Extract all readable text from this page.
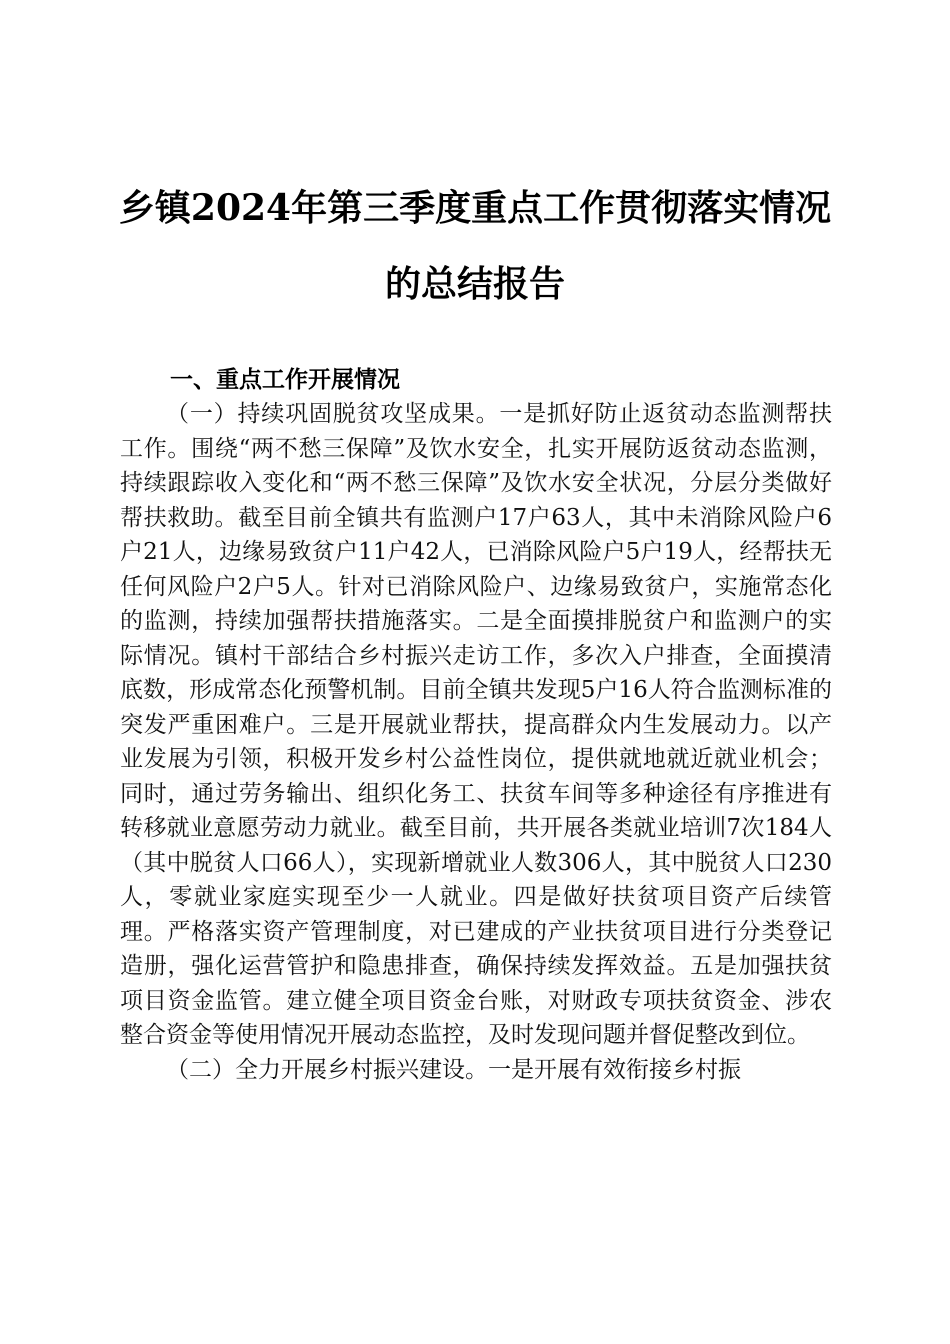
乡镇2024年第三季度重点工作贯彻落实情况
的总结报告
一、重点工作开展情况

（一）持续巩固脱贫攻坚成果。一是抓好防止返贫动态监测帮扶工作。围绕“两不愁三保障”及饮水安全，扎实开展防返贫动态监测，持续跟踪收入变化和“两不愁三保障”及饮水安全状况，分层分类做好帮扶救助。截至目前全镇共有监测户17户63人，其中未消除风险户6户21人，边缘易致贫户11户42人，已消除风险户5户19人，经帮扶无任何风险户2户5人。针对已消除风险户、边缘易致贫户，实施常态化的监测，持续加强帮扶措施落实。二是全面摸排脱贫户和监测户的实际情况。镇村干部结合乡村振兴走访工作，多次入户排查，全面摸清底数，形成常态化预警机制。目前全镇共发现5户16人符合监测标准的突发严重困难户。三是开展就业帮扶，提高群众内生发展动力。以产业发展为引领，积极开发乡村公益性岗位，提供就地就近就业机会；同时，通过劳务输出、组织化务工、扶贫车间等多种途径有序推进有转移就业意愿劳动力就业。截至目前，共开展各类就业培训7次184人（其中脱贫人口66人），实现新增就业人数306人，其中脱贫人口230人，零就业家庭实现至少一人就业。四是做好扶贫项目资产后续管理。严格落实资产管理制度，对已建成的产业扶贫项目进行分类登记造册，强化运营管护和隐患排查，确保持续发挥效益。五是加强扶贫项目资金监管。建立健全项目资金台账，对财政专项扶贫资金、涉农整合资金等使用情况开展动态监控，及时发现问题并督促整改到位。

（二）全力开展乡村振兴建设。一是开展有效衔接乡村振
